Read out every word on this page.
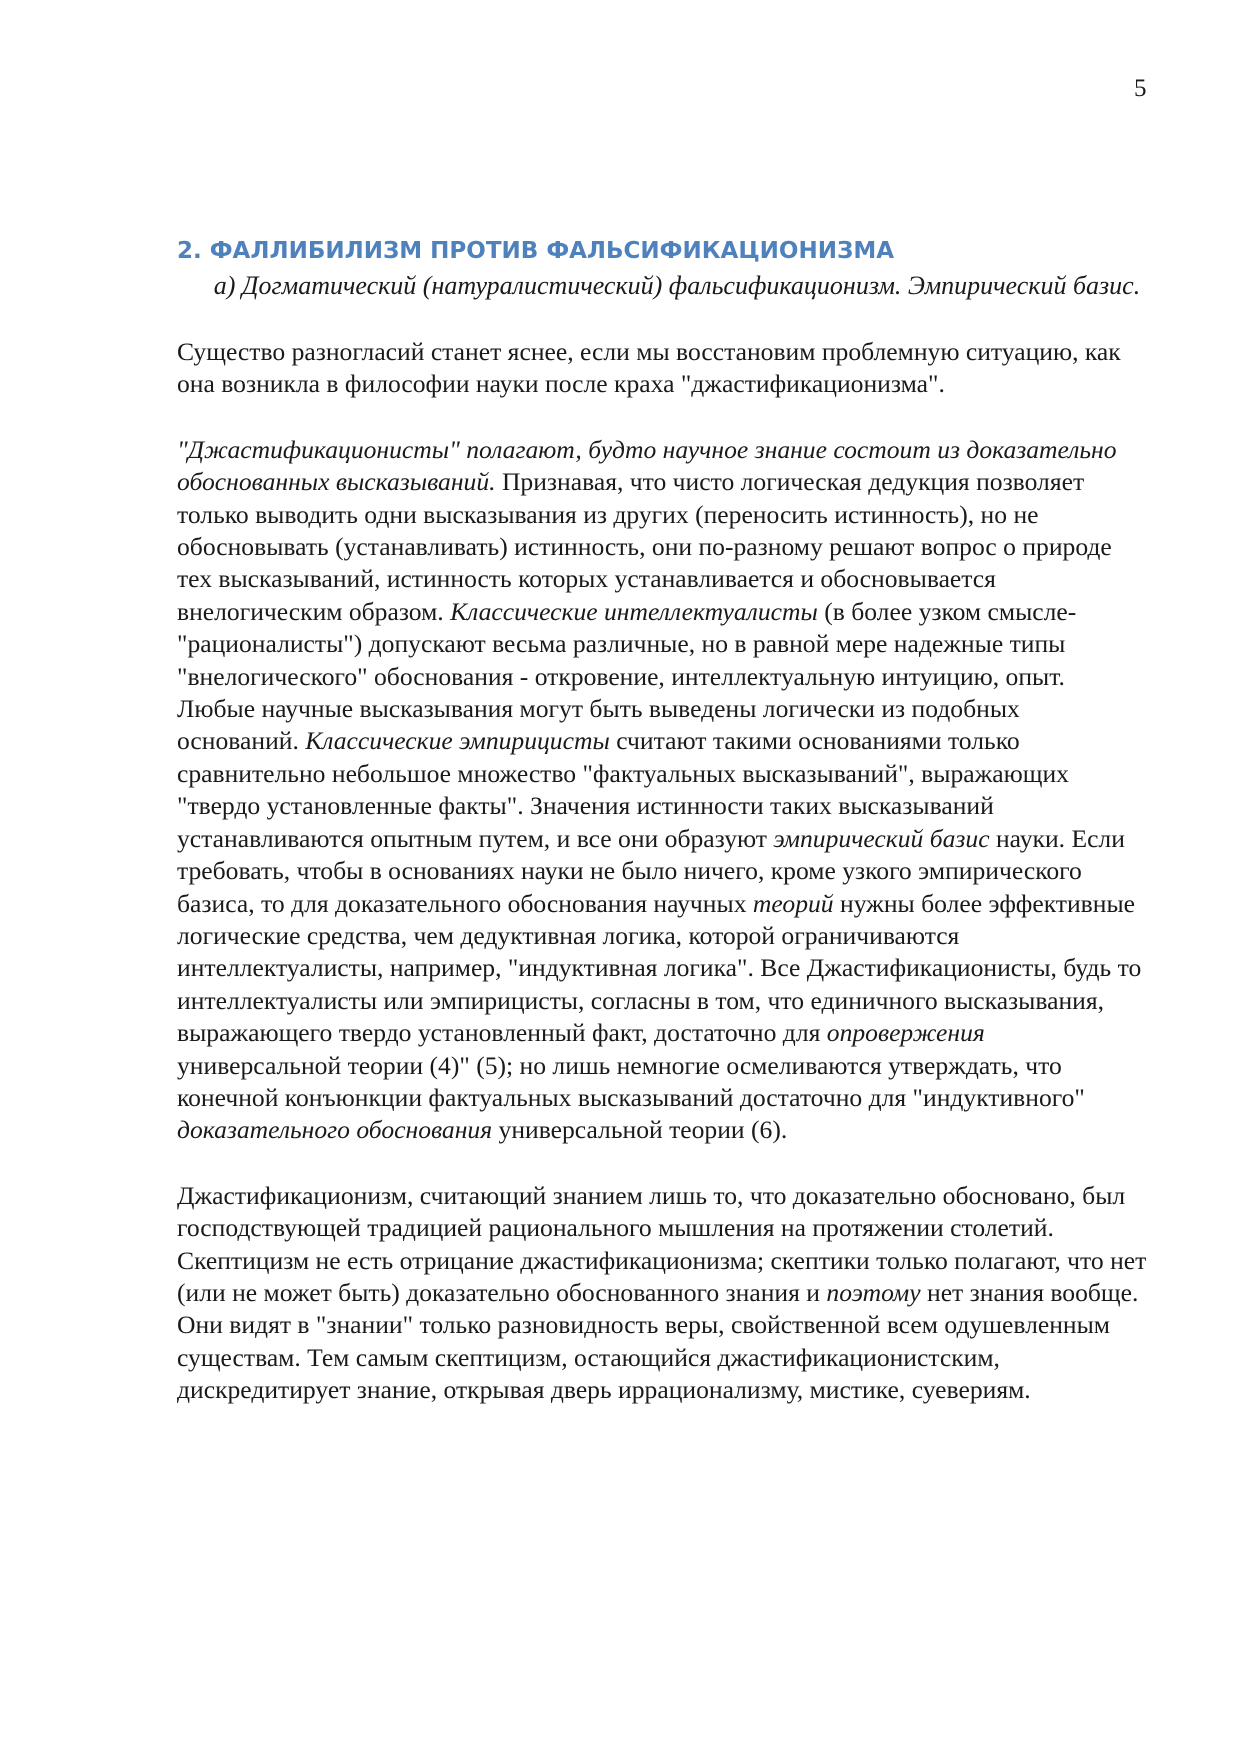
5
2. ФАЛЛИБИЛИЗМ ПРОТИВ ФАЛЬСИФИКАЦИОНИЗМА
а) Догматический (натуралистический) фальсификационизм. Эмпирический базис.

Существо разногласий станет яснее, если мы восстановим проблемную ситуацию, как она возникла в философии науки после краха "джастификационизма".

"Джастификационисты" полагают, будто научное знание состоит из доказательно обоснованных высказываний. Признавая, что чисто логическая дедукция позволяет только выводить одни высказывания из других (переносить истинность), но не обосновывать (устанавливать) истинность, они по-разному решают вопрос о природе тех высказываний, истинность которых устанавливается и обосновывается внелогическим образом. Классические интеллектуалисты (в более узком смысле-"рационалисты") допускают весьма различные, но в равной мере надежные типы "внелогического" обоснования - откровение, интеллектуальную интуицию, опыт. Любые научные высказывания могут быть выведены логически из подобных оснований. Классические эмпирицисты считают такими основаниями только сравнительно небольшое множество "фактуальных высказываний", выражающих "твердо установленные факты". Значения истинности таких высказываний устанавливаются опытным путем, и все они образуют эмпирический базис науки. Если требовать, чтобы в основаниях науки не было ничего, кроме узкого эмпирического базиса, то для доказательного обоснования научных теорий нужны более эффективные логические средства, чем дедуктивная логика, которой ограничиваются интеллектуалисты, например, "индуктивная логика". Все Джастификационисты, будь то интеллектуалисты или эмпирицисты, согласны в том, что единичного высказывания, выражающего твердо установленный факт, достаточно для опровержения универсальной теории (4)" (5); но лишь немногие осмеливаются утверждать, что конечной конъюнкции фактуальных высказываний достаточно для "индуктивного" доказательного обоснования универсальной теории (6).

Джастификационизм, считающий знанием лишь то, что доказательно обосновано, был господствующей традицией рационального мышления на протяжении столетий. Скептицизм не есть отрицание джастификационизма; скептики только полагают, что нет (или не может быть) доказательно обоснованного знания и поэтому нет знания вообще. Они видят в "знании" только разновидность веры, свойственной всем одушевленным существам. Тем самым скептицизм, остающийся джастификационистским, дискредитирует знание, открывая дверь иррационализму, мистике, суевериям.
